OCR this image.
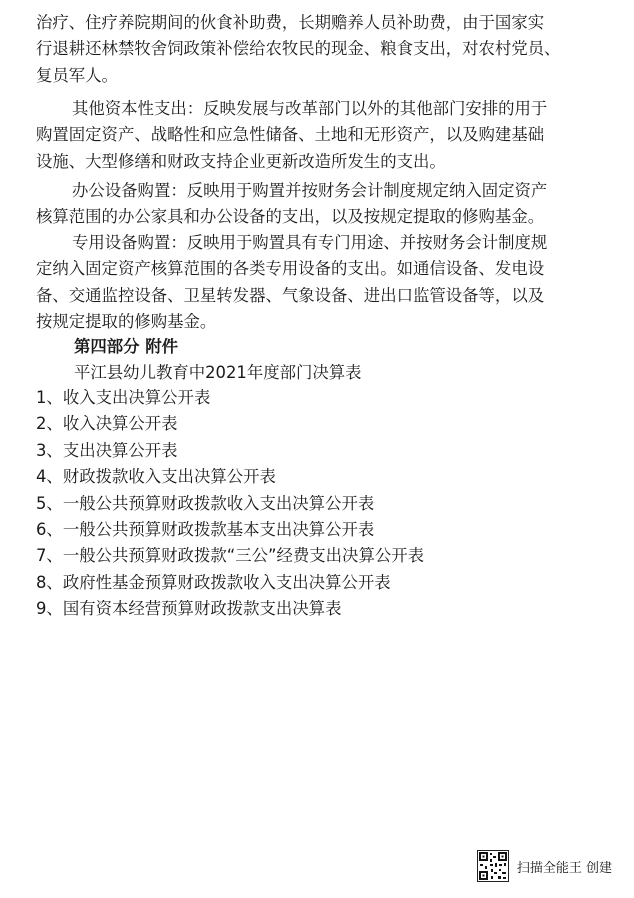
治疗、住疗养院期间的伙食补助费，长期赡养人员补助费，由于国家实
行退耕还林禁牧舍饲政策补偿给农牧民的现金、粮食支出，对农村党员、
复员军人。
其他资本性支出：反映发展与改革部门以外的其他部门安排的用于
购置固定资产、战略性和应急性储备、土地和无形资产，以及购建基础
设施、大型修缮和财政支持企业更新改造所发生的支出。
办公设备购置：反映用于购置并按财务会计制度规定纳入固定资产
核算范围的办公家具和办公设备的支出，以及按规定提取的修购基金。
专用设备购置：反映用于购置具有专门用途、并按财务会计制度规
定纳入固定资产核算范围的各类专用设备的支出。如通信设备、发电设
备、交通监控设备、卫星转发器、气象设备、进出口监管设备等，以及
按规定提取的修购基金。
第四部分 附件
平江县幼儿教育中2021年度部门决算表
1、收入支出决算公开表
2、收入决算公开表
3、支出决算公开表
4、财政拨款收入支出决算公开表
5、一般公共预算财政拨款收入支出决算公开表
6、一般公共预算财政拨款基本支出决算公开表
7、一般公共预算财政拨款“三公”经费支出决算公开表
8、政府性基金预算财政拨款收入支出决算公开表
9、国有资本经营预算财政拨款支出决算表
扫描全能王 创建
